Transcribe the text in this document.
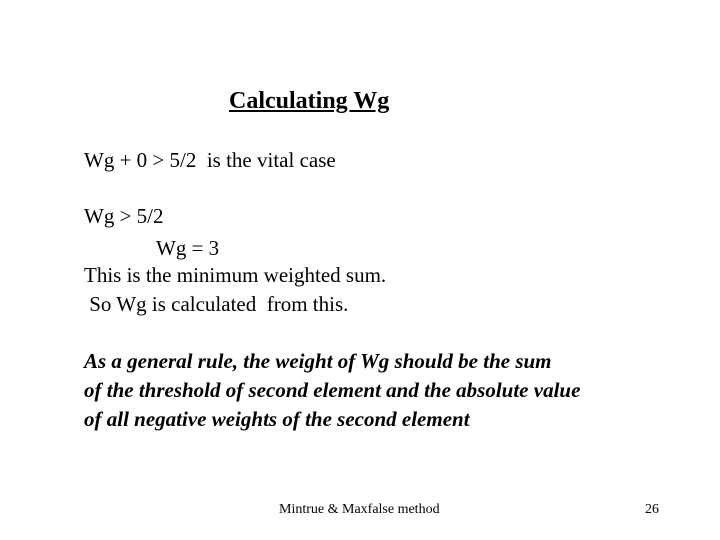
Calculating Wg
Wg + 0 > 5/2  is the vital case
Wg > 5/2
Wg = 3
This is the minimum weighted sum.
So Wg is calculated  from this.
As a general rule, the weight of Wg should be the sum
of the threshold of second element and the absolute value
of all negative weights of the second element
Mintrue & Maxfalse method	26
